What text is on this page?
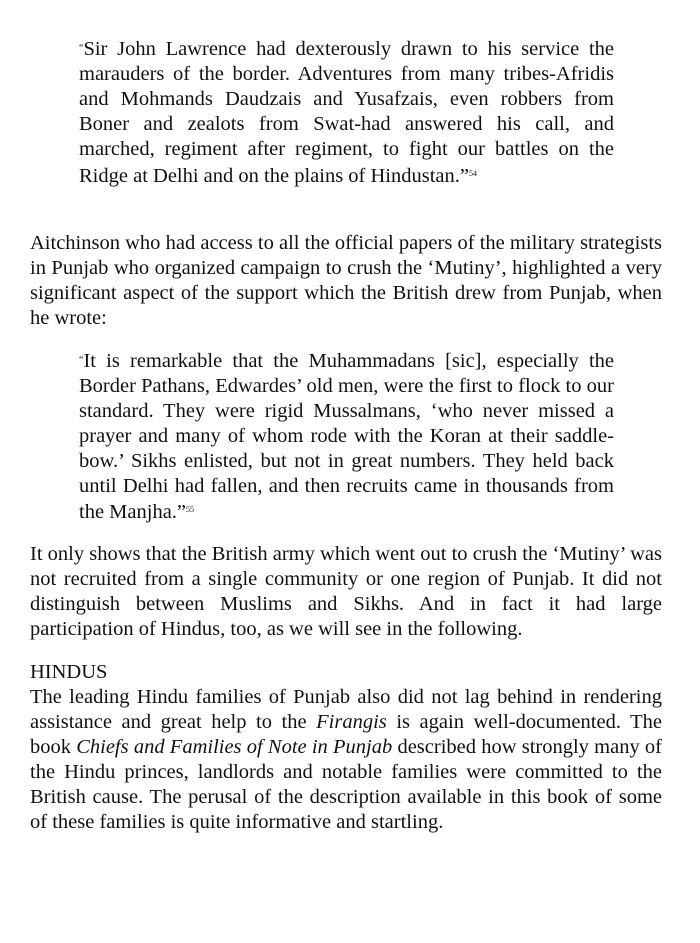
“Sir John Lawrence had dexterously drawn to his service the marauders of the border. Adventures from many tribes-Afridis and Mohmands Daudzais and Yusafzais, even robbers from Boner and zealots from Swat-had answered his call, and marched, regiment after regiment, to fight our battles on the Ridge at Delhi and on the plains of Hindustan.”$^{54}$
Aitchinson who had access to all the official papers of the military strategists in Punjab who organized campaign to crush the ‘Mutiny’, highlighted a very significant aspect of the support which the British drew from Punjab, when he wrote:
“It is remarkable that the Muhammadans [sic], especially the Border Pathans, Edwardes’ old men, were the first to flock to our standard. They were rigid Mussalmans, ‘who never missed a prayer and many of whom rode with the Koran at their saddle-bow.’ Sikhs enlisted, but not in great numbers. They held back until Delhi had fallen, and then recruits came in thousands from the Manjha.”$^{55}$
It only shows that the British army which went out to crush the ‘Mutiny’ was not recruited from a single community or one region of Punjab. It did not distinguish between Muslims and Sikhs. And in fact it had large participation of Hindus, too, as we will see in the following.
HINDUS
The leading Hindu families of Punjab also did not lag behind in rendering assistance and great help to the Firangis is again well-documented. The book Chiefs and Families of Note in Punjab described how strongly many of the Hindu princes, landlords and notable families were committed to the British cause. The perusal of the description available in this book of some of these families is quite informative and startling.
